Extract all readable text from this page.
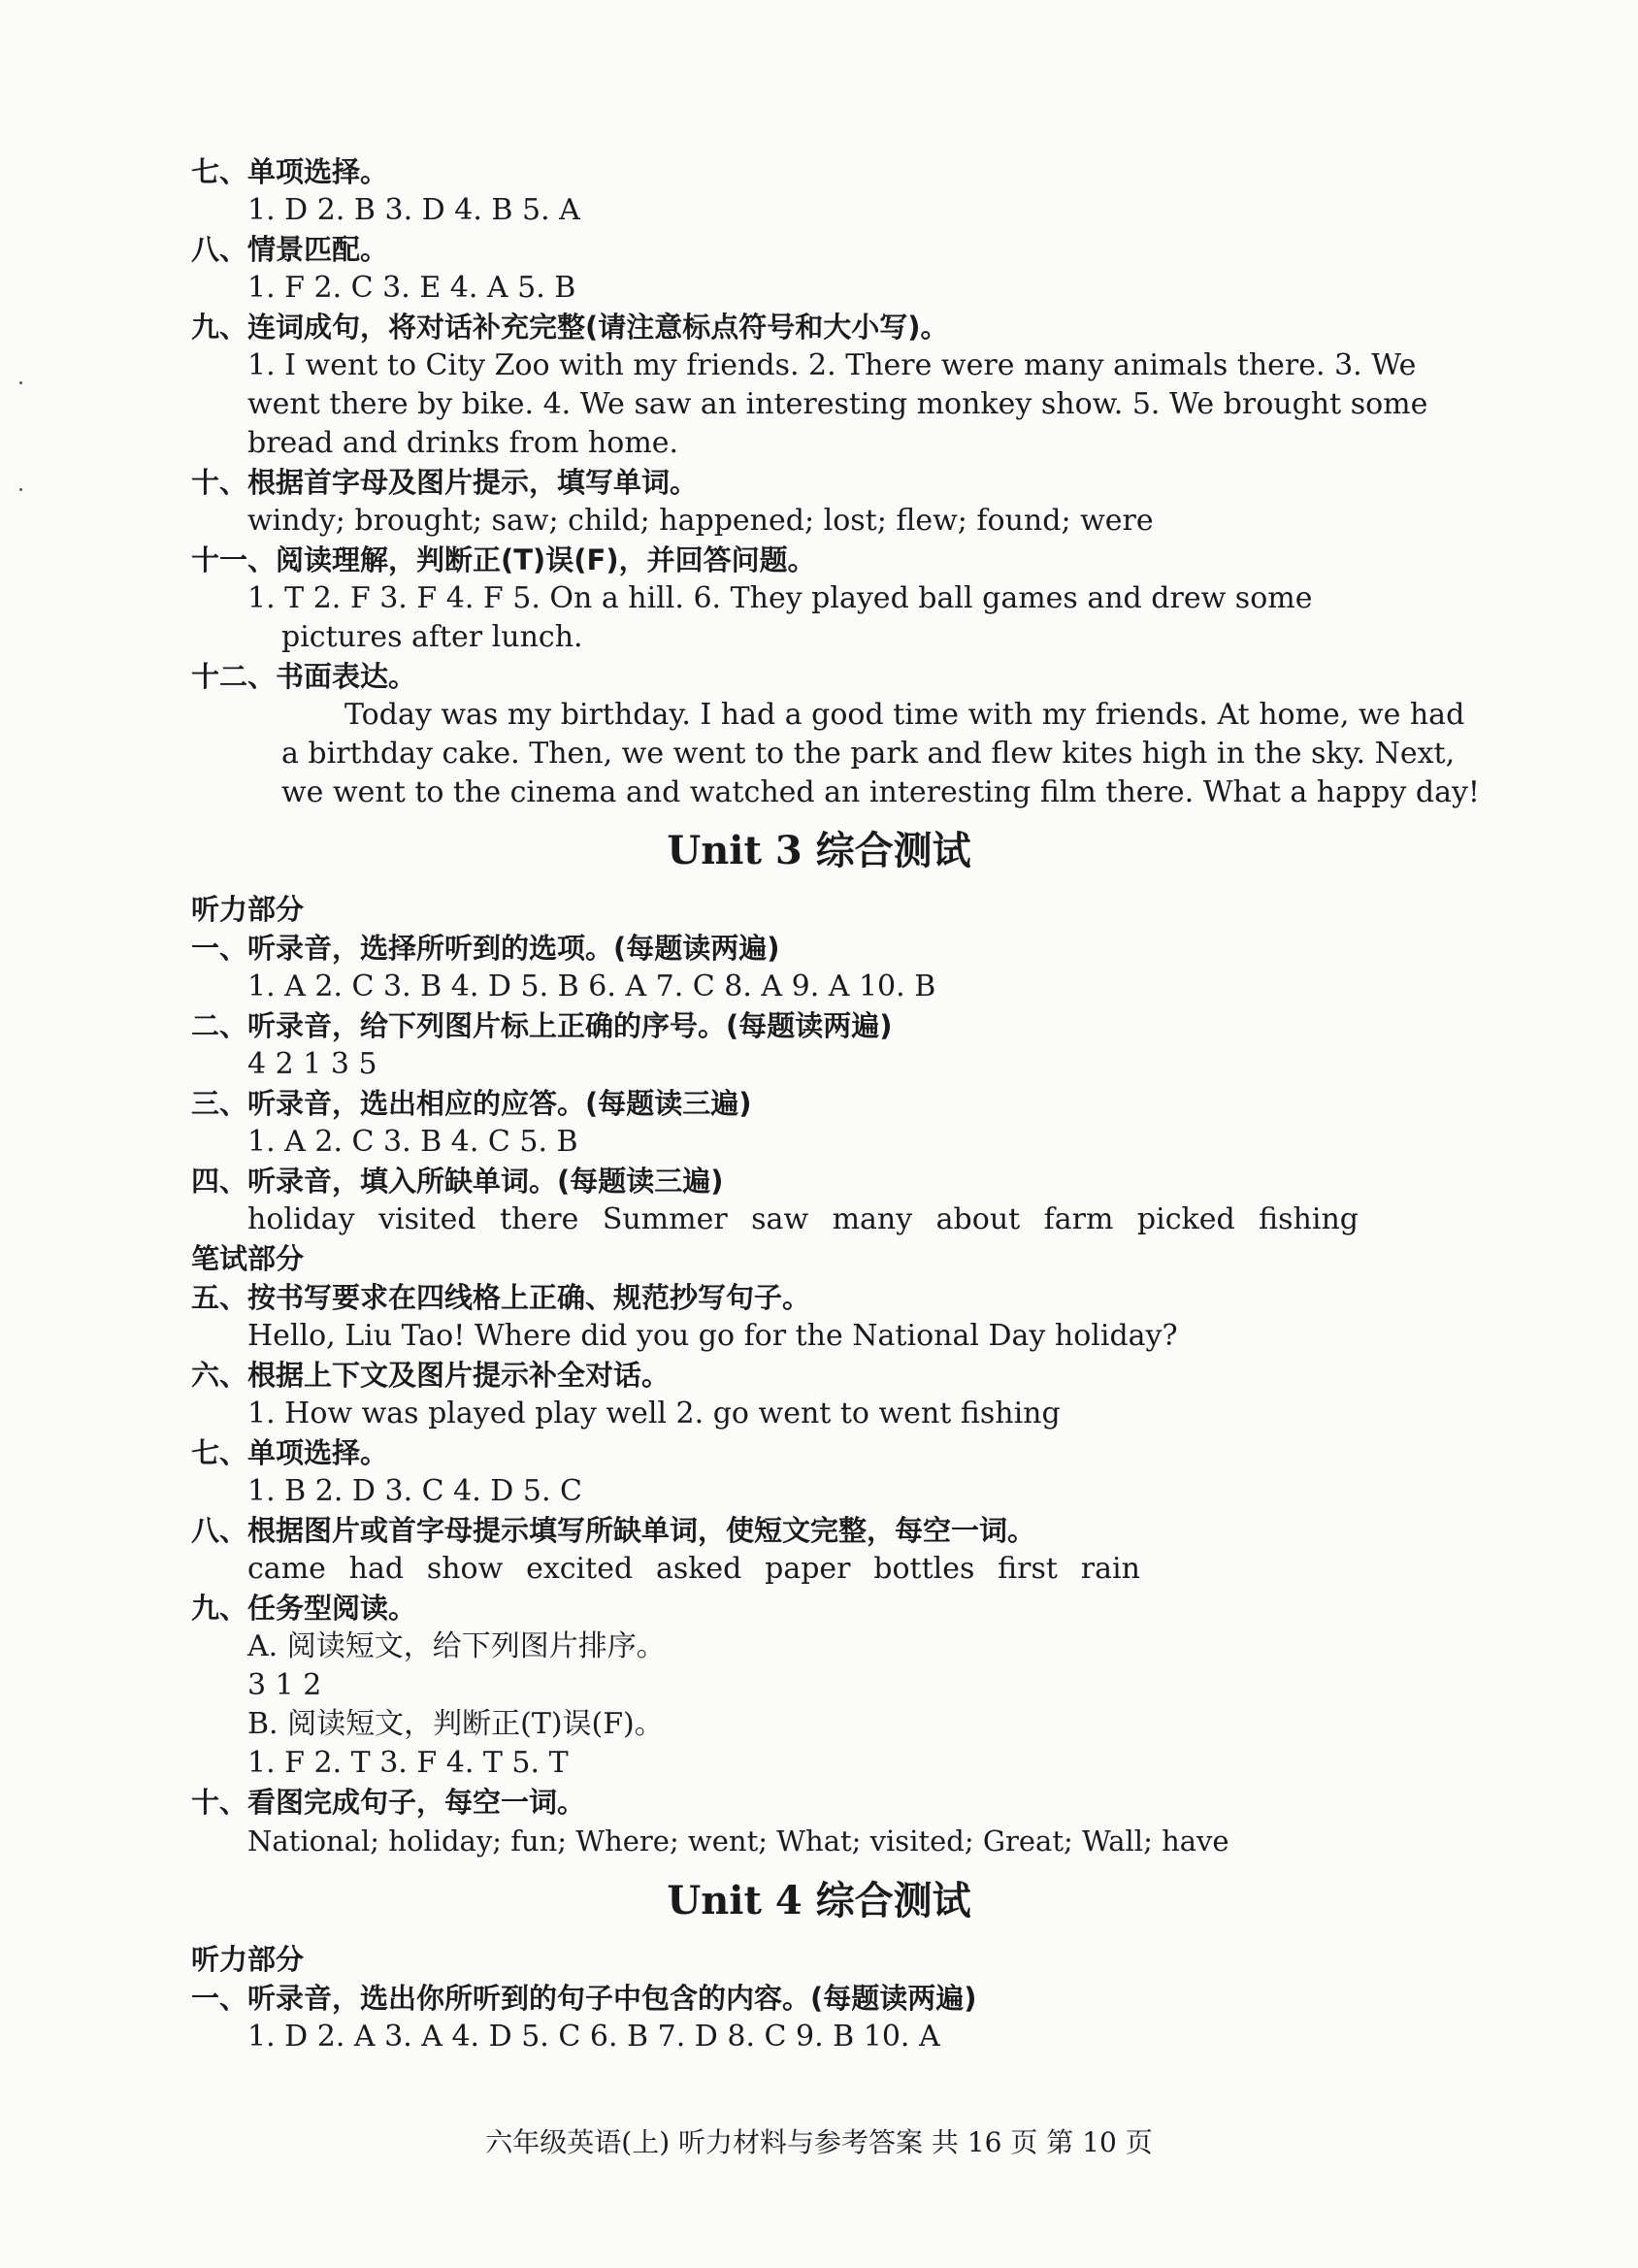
七、单项选择。
1. D 2. B 3. D 4. B 5. A
八、情景匹配。
1. F 2. C 3. E 4. A 5. B
九、连词成句，将对话补充完整(请注意标点符号和大小写)。
1. I went to City Zoo with my friends. 2. There were many animals there. 3. We
went there by bike. 4. We saw an interesting monkey show. 5. We brought some
bread and drinks from home.
十、根据首字母及图片提示，填写单词。
windy; brought; saw; child; happened; lost; flew; found; were
十一、阅读理解，判断正(T)误(F)，并回答问题。
1. T 2. F 3. F 4. F 5. On a hill. 6. They played ball games and drew some
pictures after lunch.
十二、书面表达。
Today was my birthday. I had a good time with my friends. At home, we had
a birthday cake. Then, we went to the park and flew kites high in the sky. Next,
we went to the cinema and watched an interesting film there. What a happy day!
Unit 3 综合测试
听力部分
一、听录音，选择所听到的选项。(每题读两遍)
1. A 2. C 3. B 4. D 5. B 6. A 7. C 8. A 9. A 10. B
二、听录音，给下列图片标上正确的序号。(每题读两遍)
4 2 1 3 5
三、听录音，选出相应的应答。(每题读三遍)
1. A 2. C 3. B 4. C 5. B
四、听录音，填入所缺单词。(每题读三遍)
holiday visited there Summer saw many about farm picked fishing
笔试部分
五、按书写要求在四线格上正确、规范抄写句子。
Hello, Liu Tao! Where did you go for the National Day holiday?
六、根据上下文及图片提示补全对话。
1. How was played play well 2. go went to went fishing
七、单项选择。
1. B 2. D 3. C 4. D 5. C
八、根据图片或首字母提示填写所缺单词，使短文完整，每空一词。
came had show excited asked paper bottles first rain
九、任务型阅读。
A. 阅读短文，给下列图片排序。
3 1 2
B. 阅读短文，判断正(T)误(F)。
1. F 2. T 3. F 4. T 5. T
十、看图完成句子，每空一词。
National; holiday; fun; Where; went; What; visited; Great; Wall; have
Unit 4 综合测试
听力部分
一、听录音，选出你所听到的句子中包含的内容。(每题读两遍)
1. D 2. A 3. A 4. D 5. C 6. B 7. D 8. C 9. B 10. A
六年级英语(上) 听力材料与参考答案 共 16 页 第 10 页
